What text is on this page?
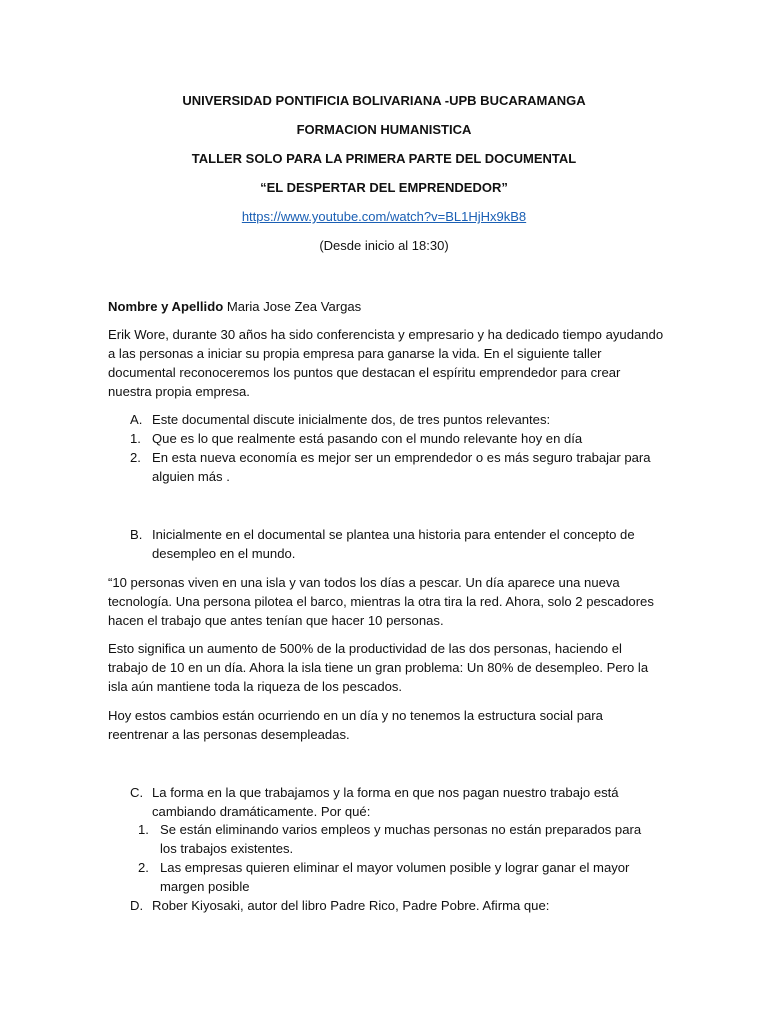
UNIVERSIDAD PONTIFICIA BOLIVARIANA -UPB BUCARAMANGA
FORMACION HUMANISTICA
TALLER SOLO PARA LA PRIMERA PARTE DEL DOCUMENTAL
“EL DESPERTAR DEL EMPRENDEDOR”
https://www.youtube.com/watch?v=BL1HjHx9kB8
(Desde inicio al 18:30)
Nombre y Apellido Maria Jose Zea Vargas

Erik Wore, durante 30 años ha sido conferencista y empresario y ha dedicado tiempo ayudando a las personas a iniciar su propia empresa para ganarse la vida. En el siguiente taller documental reconoceremos los puntos que destacan el espíritu emprendedor para crear nuestra propia empresa.

A. Este documental discute inicialmente dos, de tres puntos relevantes:
1. Que es lo que realmente está pasando con el mundo relevante hoy en día
2. En esta nueva economía es mejor ser un emprendedor o es más seguro trabajar para alguien más .
B. Inicialmente en el documental se plantea una historia para entender el concepto de desempleo en el mundo.

“10 personas viven en una isla y van todos los días a pescar. Un día aparece una nueva tecnología. Una persona pilotea el barco, mientras la otra tira la red. Ahora, solo 2 pescadores hacen el trabajo que antes tenían que hacer 10 personas.

Esto significa un aumento de 500% de la productividad de las dos personas, haciendo el trabajo de 10 en un día. Ahora la isla tiene un gran problema: Un 80% de desempleo. Pero la isla aún mantiene toda la riqueza de los pescados.

Hoy estos cambios están ocurriendo en un día y no tenemos la estructura social para reentrenar a las personas desempleadas.

C. La forma en la que trabajamos y la forma en que nos pagan nuestro trabajo está cambiando dramáticamente. Por qué:
1. Se están eliminando varios empleos y muchas personas no están preparados para los trabajos existentes.
2. Las empresas quieren eliminar el mayor volumen posible y lograr ganar el mayor margen posible
D. Rober Kiyosaki, autor del libro Padre Rico, Padre Pobre. Afirma que:
